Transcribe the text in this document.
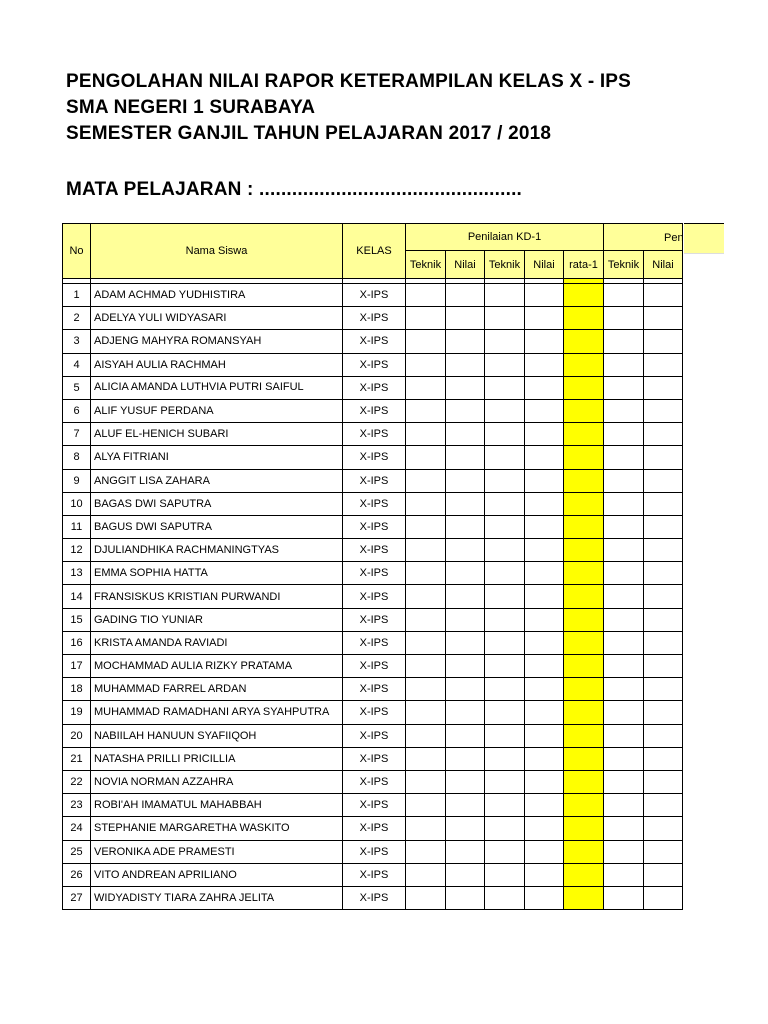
PENGOLAHAN NILAI RAPOR KETERAMPILAN KELAS X - IPS
SMA NEGERI 1 SURABAYA
SEMESTER GANJIL TAHUN PELAJARAN 2017 / 2018
MATA PELAJARAN : ................................................
No	Nama Siswa	KELAS	Penilaian KD-1						
			Teknik	Nilai	Teknik	Nilai	rata-1	Teknik	Nilai

1	ADAM ACHMAD YUDHISTIRA	X-IPS							
2	ADELYA YULI WIDYASARI	X-IPS							
3	ADJENG MAHYRA ROMANSYAH	X-IPS							
4	AISYAH AULIA RACHMAH	X-IPS							
5	ALICIA AMANDA LUTHVIA PUTRI SAIFUL	X-IPS							
6	ALIF YUSUF PERDANA	X-IPS							
7	ALUF EL-HENICH SUBARI	X-IPS							
8	ALYA FITRIANI	X-IPS							
9	ANGGIT LISA ZAHARA	X-IPS							
10	BAGAS DWI SAPUTRA	X-IPS							
11	BAGUS DWI SAPUTRA	X-IPS							
12	DJULIANDHIKA RACHMANINGTYAS	X-IPS							
13	EMMA SOPHIA HATTA	X-IPS							
14	FRANSISKUS KRISTIAN PURWANDI	X-IPS							
15	GADING TIO YUNIAR	X-IPS							
16	KRISTA AMANDA RAVIADI	X-IPS							
17	MOCHAMMAD AULIA RIZKY PRATAMA	X-IPS							
18	MUHAMMAD FARREL ARDAN	X-IPS							
19	MUHAMMAD RAMADHANI ARYA SYAHPUTRA	X-IPS							
20	NABIILAH HANUUN SYAFIIQOH	X-IPS							
21	NATASHA PRILLI PRICILLIA	X-IPS							
22	NOVIA NORMAN AZZAHRA	X-IPS							
23	ROBI'AH IMAMATUL MAHABBAH	X-IPS							
24	STEPHANIE MARGARETHA WASKITO	X-IPS							
25	VERONIKA ADE PRAMESTI	X-IPS							
26	VITO ANDREAN APRILIANO	X-IPS							
27	WIDYADISTY TIARA ZAHRA JELITA	X-IPS							
Pen
